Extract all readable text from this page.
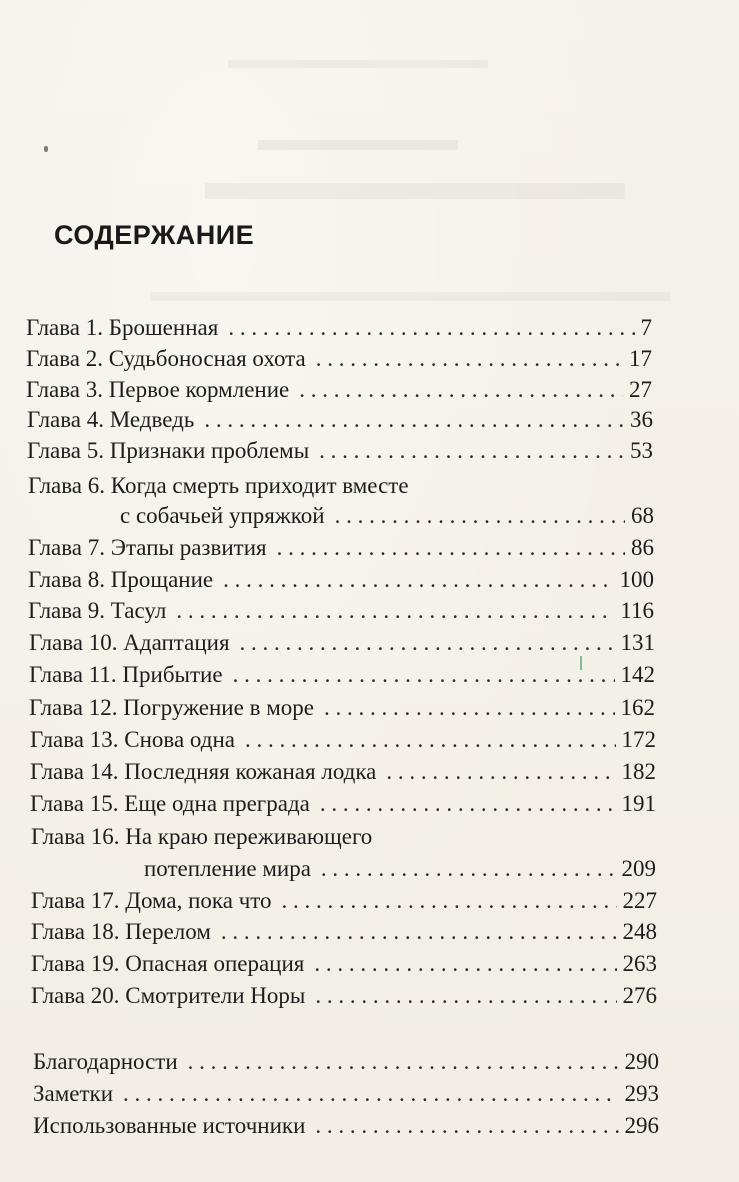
СОДЕРЖАНИЕ
Глава 1. Брошенная . . .	7
Глава 2. Судьбоносная охота . . .	17
Глава 3. Первое кормление . . .	27
Глава 4. Медведь . . .	36
Глава 5. Признаки проблемы . . .	53
Глава 6. Когда смерть приходит вместе
с собачьей упряжкой . . .	68
Глава 7. Этапы развития . . .	86
Глава 8. Прощание . . .	100
Глава 9. Тасул . . .	116
Глава 10. Адаптация . . .	131
Глава 11. Прибытие . . .	142
Глава 12. Погружение в море . . .	162
Глава 13. Снова одна . . .	172
Глава 14. Последняя кожаная лодка . . .	182
Глава 15. Еще одна преграда . . .	191
Глава 16. На краю переживающего
потепление мира . . .	209
Глава 17. Дома, пока что . . .	227
Глава 18. Перелом . . .	248
Глава 19. Опасная операция . . .	263
Глава 20. Смотрители Норы . . .	276
Благодарности . . .	290
Заметки . . .	293
Использованные источники . . .	296
